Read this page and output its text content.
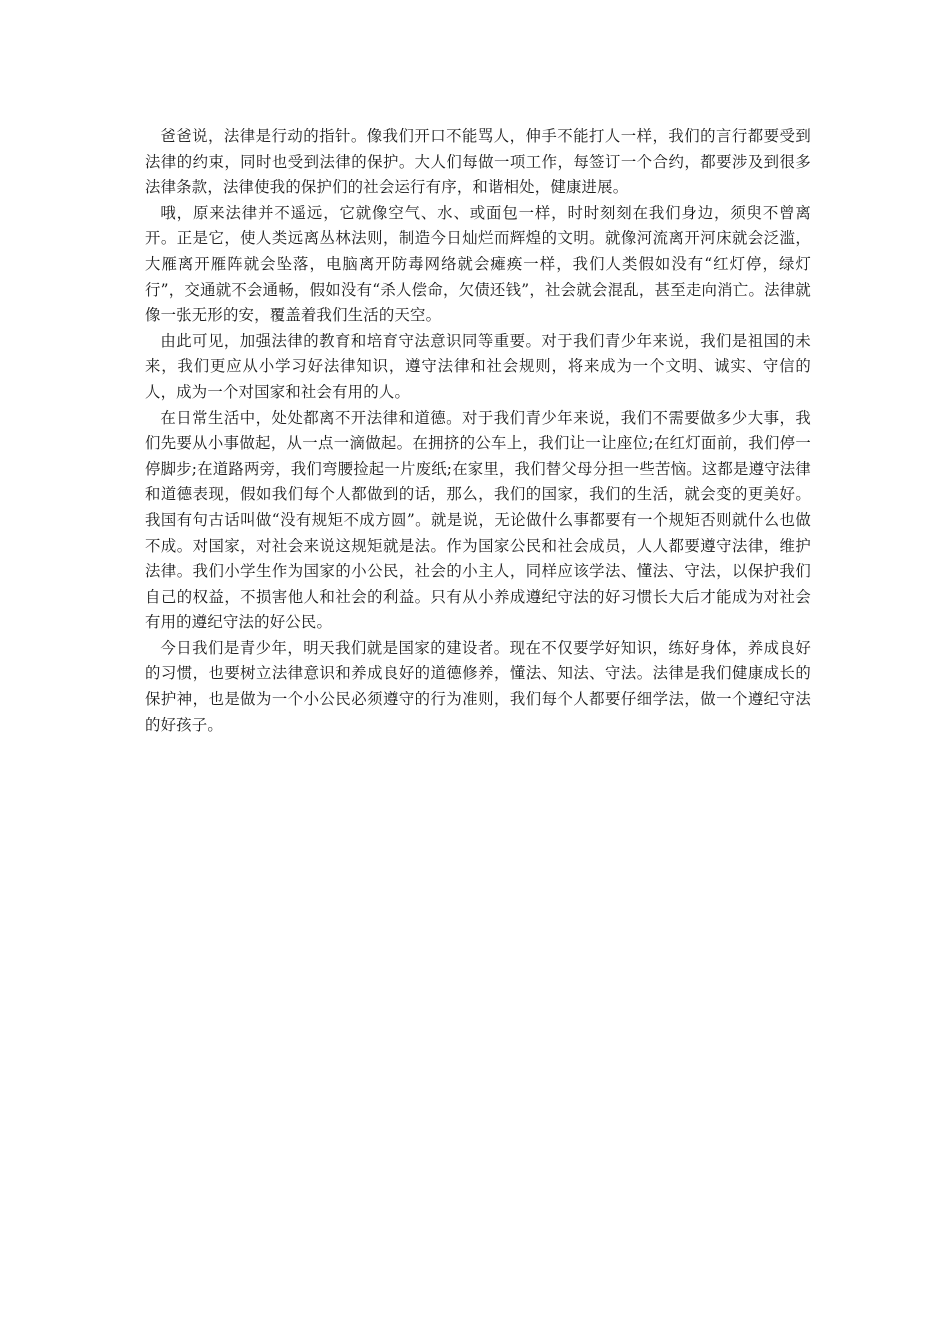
爸爸说，法律是行动的指针。像我们开口不能骂人，伸手不能打人一样，我们的言行都要受到法律的约束，同时也受到法律的保护。大人们每做一项工作，每签订一个合约，都要涉及到很多法律条款，法律使我的保护们的社会运行有序，和谐相处，健康进展。

哦，原来法律并不遥远，它就像空气、水、或面包一样，时时刻刻在我们身边，须臾不曾离开。正是它，使人类远离丛林法则，制造今日灿烂而辉煌的文明。就像河流离开河床就会泛滥，大雁离开雁阵就会坠落，电脑离开防毒网络就会瘫痪一样，我们人类假如没有“红灯停，绿灯行”，交通就不会通畅，假如没有“杀人偿命，欠债还钱”，社会就会混乱，甚至走向消亡。法律就像一张无形的安，覆盖着我们生活的天空。

由此可见，加强法律的教育和培育守法意识同等重要。对于我们青少年来说，我们是祖国的未来，我们更应从小学习好法律知识，遵守法律和社会规则，将来成为一个文明、诚实、守信的人，成为一个对国家和社会有用的人。

在日常生活中，处处都离不开法律和道德。对于我们青少年来说，我们不需要做多少大事，我们先要从小事做起，从一点一滴做起。在拥挤的公车上，我们让一让座位;在红灯面前，我们停一停脚步;在道路两旁，我们弯腰捡起一片废纸;在家里，我们替父母分担一些苦恼。这都是遵守法律和道德表现，假如我们每个人都做到的话，那么，我们的国家，我们的生活，就会变的更美好。我国有句古话叫做“没有规矩不成方圆”。就是说，无论做什么事都要有一个规矩否则就什么也做不成。对国家，对社会来说这规矩就是法。作为国家公民和社会成员，人人都要遵守法律，维护法律。我们小学生作为国家的小公民，社会的小主人，同样应该学法、懂法、守法，以保护我们自己的权益，不损害他人和社会的利益。只有从小养成遵纪守法的好习惯长大后才能成为对社会有用的遵纪守法的好公民。

今日我们是青少年，明天我们就是国家的建设者。现在不仅要学好知识，练好身体，养成良好的习惯，也要树立法律意识和养成良好的道德修养，懂法、知法、守法。法律是我们健康成长的保护神，也是做为一个小公民必须遵守的行为准则，我们每个人都要仔细学法，做一个遵纪守法的好孩子。
